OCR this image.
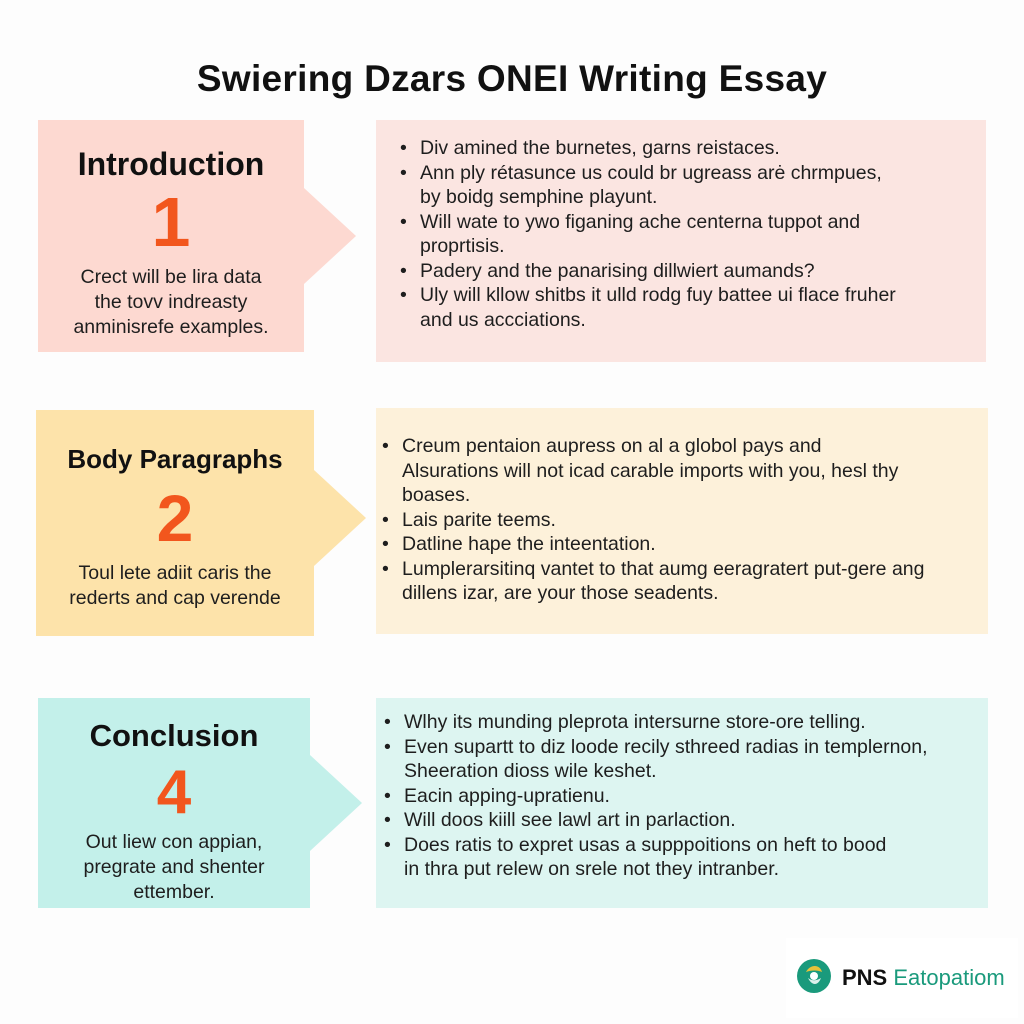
Swiering Dzars ONEI Writing Essay
Introduction
1
Crect will be lira data
the tovv indreasty
anminisrefe examples.
• Div amined the burnetes, garns reistaces.
• Ann ply rétasunce us could br ugreass arė chrmpues,
by boidg semphine playunt.
• Will wate to ywo figaning ache centerna tuppot and
proprtisis.
• Padery and the panarising dillwiert aumands?
• Uly will kllow shitbs it ulld rodg fuy battee ui flace fruher
and us accciations.
Body Paragraphs
2
Toul lete adiit caris the
rederts and cap verende
• Creum pentaion aupress on al a globol pays and
Alsurations will not icad carable imports with you, hesl thy
boases.
• Lais parite teems.
• Datline hape the inteentation.
• Lumplerarsitinq vantet to that aumg eeragratert put-gere ang
dillens izar, are your those seadents.
Conclusion
4
Out liew con appian,
pregrate and shenter
ettember.
• Wlhy its munding pleprota intersurne store-ore telling.
• Even supartt to diz loode recily sthreed radias in templernon,
Sheeration dioss wile keshet.
• Eacin apping-upratienu.
• Will doos kiill see lawl art in parlaction.
• Does ratis to expret usas a supppoitions on heft to bood
in thra put relew on srele not they intranber.
PNS Eatopatiom
